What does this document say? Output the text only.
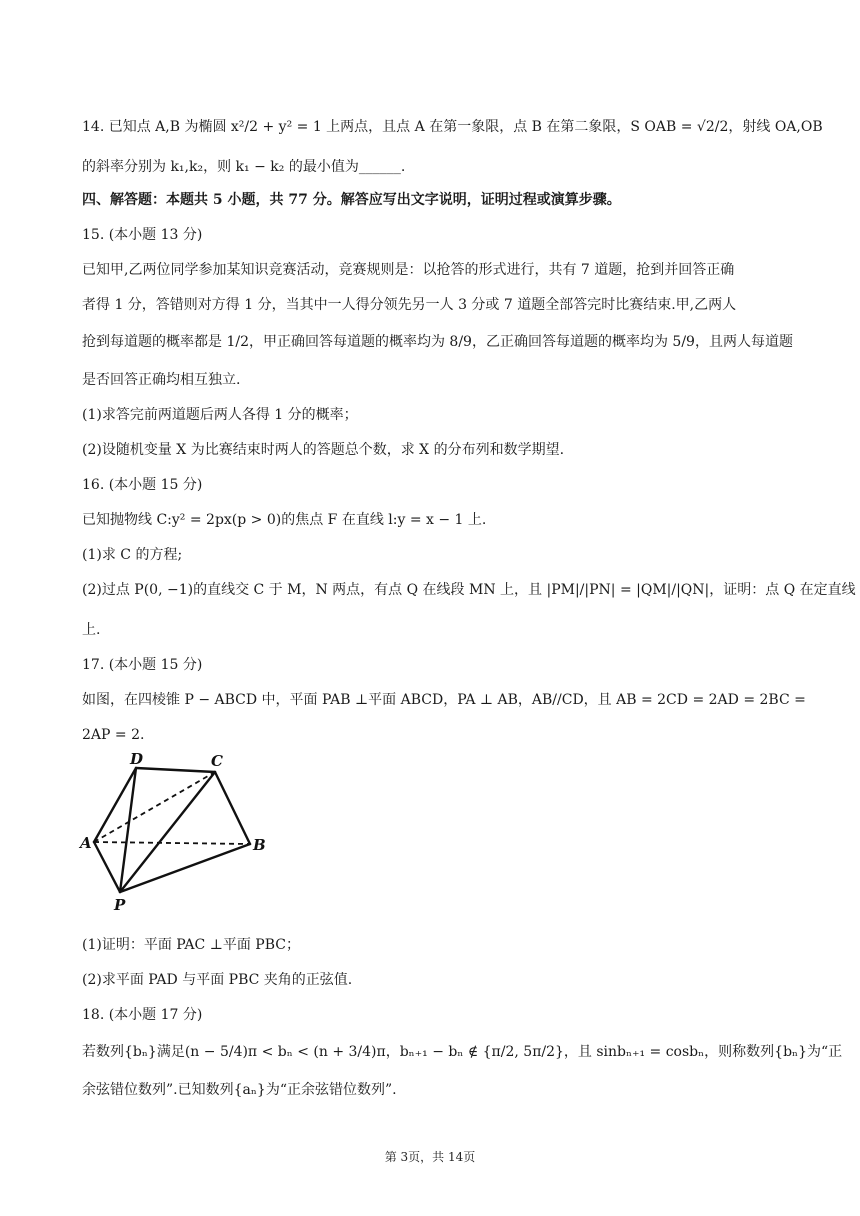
14. 已知点 A,B 为椭圆 x²/2 + y² = 1 上两点，且点 A 在第一象限，点 B 在第二象限，S OAB = √2/2，射线 OA,OB
的斜率分别为 k₁,k₂，则 k₁ − k₂ 的最小值为______.
四、解答题：本题共 5 小题，共 77 分。解答应写出文字说明，证明过程或演算步骤。
15. (本小题 13 分)
已知甲,乙两位同学参加某知识竞赛活动，竞赛规则是：以抢答的形式进行，共有 7 道题，抢到并回答正确
者得 1 分，答错则对方得 1 分，当其中一人得分领先另一人 3 分或 7 道题全部答完时比赛结束.甲,乙两人
抢到每道题的概率都是 1/2，甲正确回答每道题的概率均为 8/9，乙正确回答每道题的概率均为 5/9，且两人每道题
是否回答正确均相互独立.
(1)求答完前两道题后两人各得 1 分的概率；
(2)设随机变量 X 为比赛结束时两人的答题总个数，求 X 的分布列和数学期望.
16. (本小题 15 分)
已知抛物线 C:y² = 2px(p > 0)的焦点 F 在直线 l:y = x − 1 上.
(1)求 C 的方程;
(2)过点 P(0, −1)的直线交 C 于 M，N 两点，有点 Q 在线段 MN 上，且 |PM|/|PN| = |QM|/|QN|，证明：点 Q 在定直线
上.
17. (本小题 15 分)
如图，在四棱锥 P − ABCD 中，平面 PAB ⊥平面 ABCD，PA ⊥ AB，AB//CD，且 AB = 2CD = 2AD = 2BC =
2AP = 2.
D	C
A	B
P
(1)证明：平面 PAC ⊥平面 PBC；
(2)求平面 PAD 与平面 PBC 夹角的正弦值.
18. (本小题 17 分)
若数列{bₙ}满足(n − 5/4)π < bₙ < (n + 3/4)π，bₙ₊₁ − bₙ ∉ {π/2, 5π/2}，且 sinbₙ₊₁ = cosbₙ，则称数列{bₙ}为“正
余弦错位数列”.已知数列{aₙ}为“正余弦错位数列”.
第 3页，共 14页
